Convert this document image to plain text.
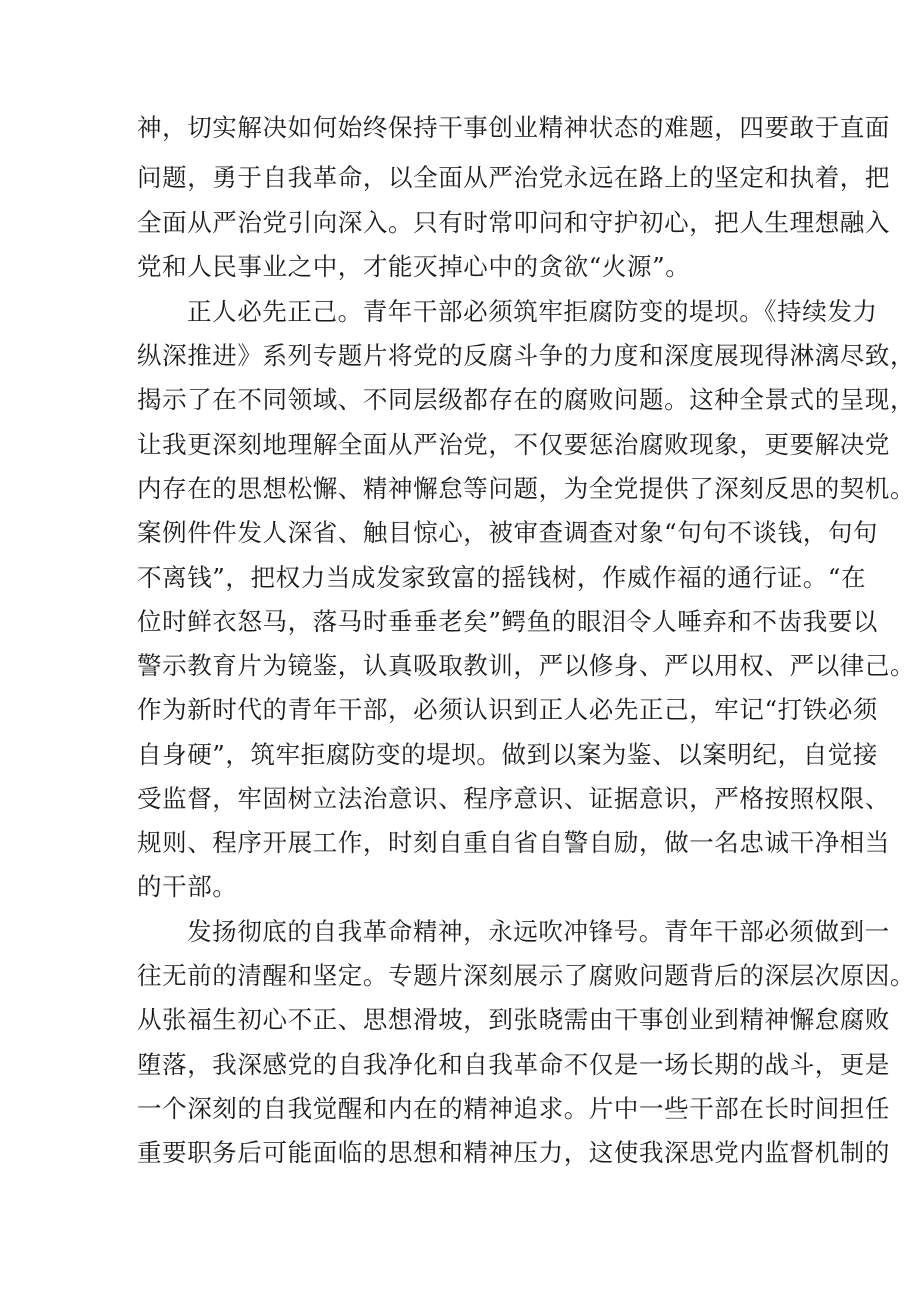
神，切实解决如何始终保持干事创业精神状态的难题，四要敢于直面

问题，勇于自我革命，以全面从严治党永远在路上的坚定和执着，把

全面从严治党引向深入。只有时常叩问和守护初心，把人生理想融入

党和人民事业之中，才能灭掉心中的贪欲“火源”。

正人必先正己。青年干部必须筑牢拒腐防变的堤坝。《持续发力

纵深推进》系列专题片将党的反腐斗争的力度和深度展现得淋漓尽致，

揭示了在不同领域、不同层级都存在的腐败问题。这种全景式的呈现，

让我更深刻地理解全面从严治党，不仅要惩治腐败现象，更要解决党

内存在的思想松懈、精神懈怠等问题，为全党提供了深刻反思的契机。

案例件件发人深省、触目惊心，被审查调查对象“句句不谈钱，句句

不离钱”，把权力当成发家致富的摇钱树，作威作福的通行证。“在

位时鲜衣怒马，落马时垂垂老矣”鳄鱼的眼泪令人唾弃和不齿我要以

警示教育片为镜鉴，认真吸取教训，严以修身、严以用权、严以律己。

作为新时代的青年干部，必须认识到正人必先正己，牢记“打铁必须

自身硬”，筑牢拒腐防变的堤坝。做到以案为鉴、以案明纪，自觉接

受监督，牢固树立法治意识、程序意识、证据意识，严格按照权限、

规则、程序开展工作，时刻自重自省自警自励，做一名忠诚干净相当

的干部。

发扬彻底的自我革命精神，永远吹冲锋号。青年干部必须做到一

往无前的清醒和坚定。专题片深刻展示了腐败问题背后的深层次原因。

从张福生初心不正、思想滑坡，到张晓需由干事创业到精神懈怠腐败

堕落，我深感党的自我净化和自我革命不仅是一场长期的战斗，更是

一个深刻的自我觉醒和内在的精神追求。片中一些干部在长时间担任

重要职务后可能面临的思想和精神压力，这使我深思党内监督机制的
